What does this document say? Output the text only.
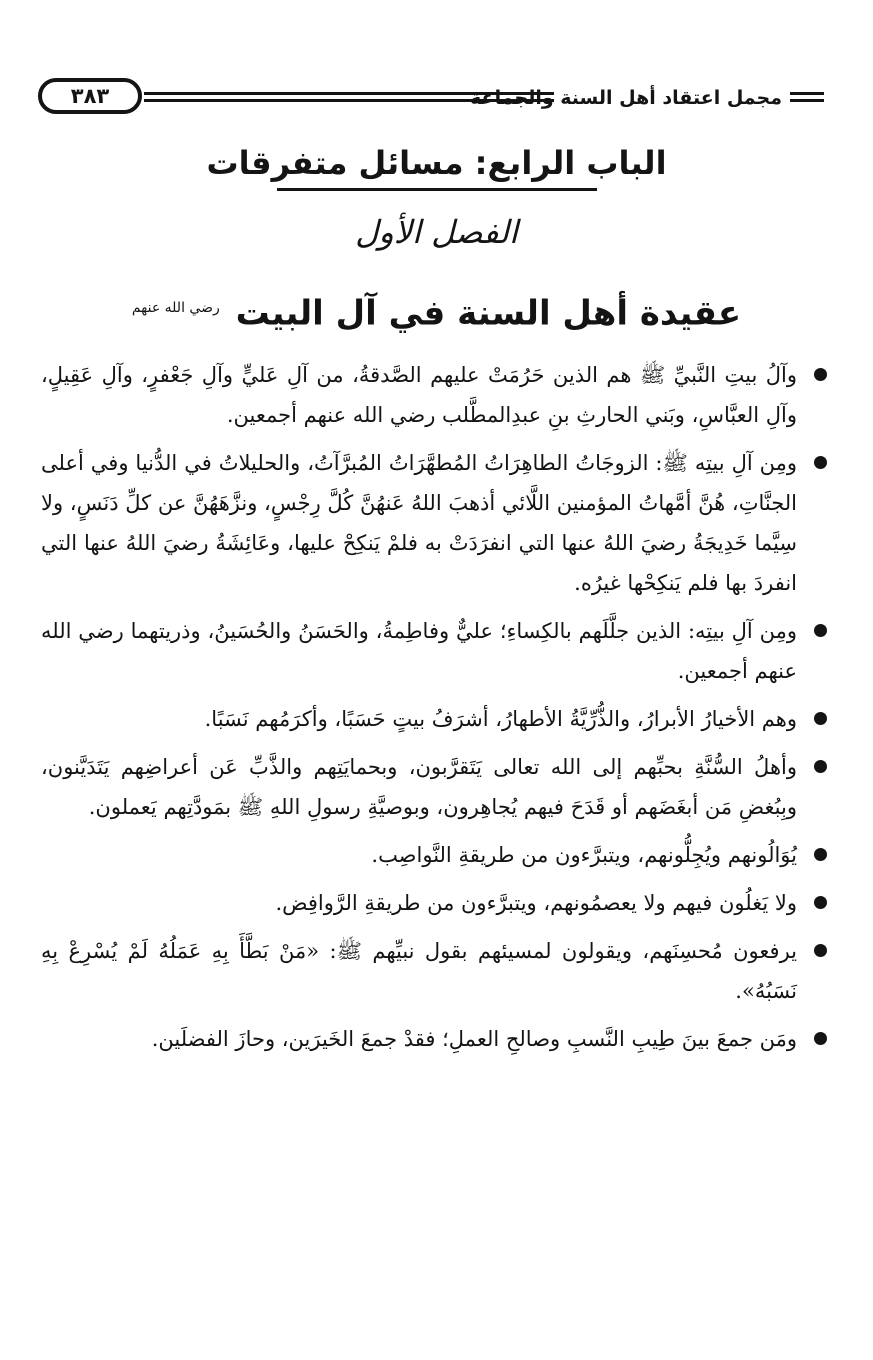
مجمل اعتقاد أهل السنة والجماعة
٣٨٣
الباب الرابع: مسائل متفرقات
الفصل الأول
عقيدة أهل السنة في آل البيت $^{رضي الله عنهم}$
وآلُ بيتِ النَّبيِّ ﷺ هم الذين حَرُمَتْ عليهم الصَّدقةُ، من آلِ عَليٍّ وآلِ جَعْفرٍ، وآلِ عَقِيلٍ، وآلِ العبَّاسِ، وبَني الحارثِ بنِ عبدِالمطَّلب رضي الله عنهم أجمعين.
ومِن آلِ بيتِه ﷺ: الزوجَاتُ الطاهِرَاتُ المُطهَّرَاتُ المُبرَّآتُ، والحليلاتُ في الدُّنيا وفي أعلى الجنَّاتِ، هُنَّ أمَّهاتُ المؤمنين اللَّائي أذهبَ اللهُ عَنهُنَّ كُلَّ رِجْسٍ، ونزَّهَهُنَّ عن كلِّ دَنَسٍ، ولا سِيَّما خَدِيجَةُ رضيَ اللهُ عنها التي انفرَدَتْ به فلمْ يَنكِحْ عليها، وعَائِشَةُ رضيَ اللهُ عنها التي انفردَ بها فلم يَنكِحْها غيرُه.
ومِن آلِ بيتِه: الذين جلَّلَهم بالكِساءِ؛ عليٌّ وفاطِمةُ، والحَسَنُ والحُسَينُ، وذريتهما رضي الله عنهم أجمعين.
وهم الأخيارُ الأبرارُ، والذُّرِّيَّةُ الأطهارُ، أشرَفُ بيتٍ حَسَبًا، وأكرَمُهم نَسَبًا.
وأهلُ السُّنَّةِ بحبِّهم إلى الله تعالى يَتَقرَّبون، وبحمايَتِهم والذَّبِّ عَن أعراضِهم يَتَدَيَّنون، وبِبُغضِ مَن أبغَضَهم أو قَدَحَ فيهم يُجاهِرون، وبوصيَّةِ رسولِ اللهِ ﷺ بمَودَّتِهم يَعملون.
يُوَالُونهم ويُجِلُّونهم، ويتبرَّءون من طريقةِ النَّواصِب.
ولا يَغلُون فيهم ولا يعصمُونهم، ويتبرَّءون من طريقةِ الرَّوافِض.
يرفعون مُحسِنَهم، ويقولون لمسيئهم بقول نبيِّهم ﷺ: «مَنْ بَطَّأَ بِهِ عَمَلُهُ لَمْ يُسْرِعْ بِهِ نَسَبُهُ».
ومَن جمعَ بينَ طِيبِ النَّسبِ وصالحِ العملِ؛ فقدْ جمعَ الخَيرَين، وحازَ الفضلَين.
